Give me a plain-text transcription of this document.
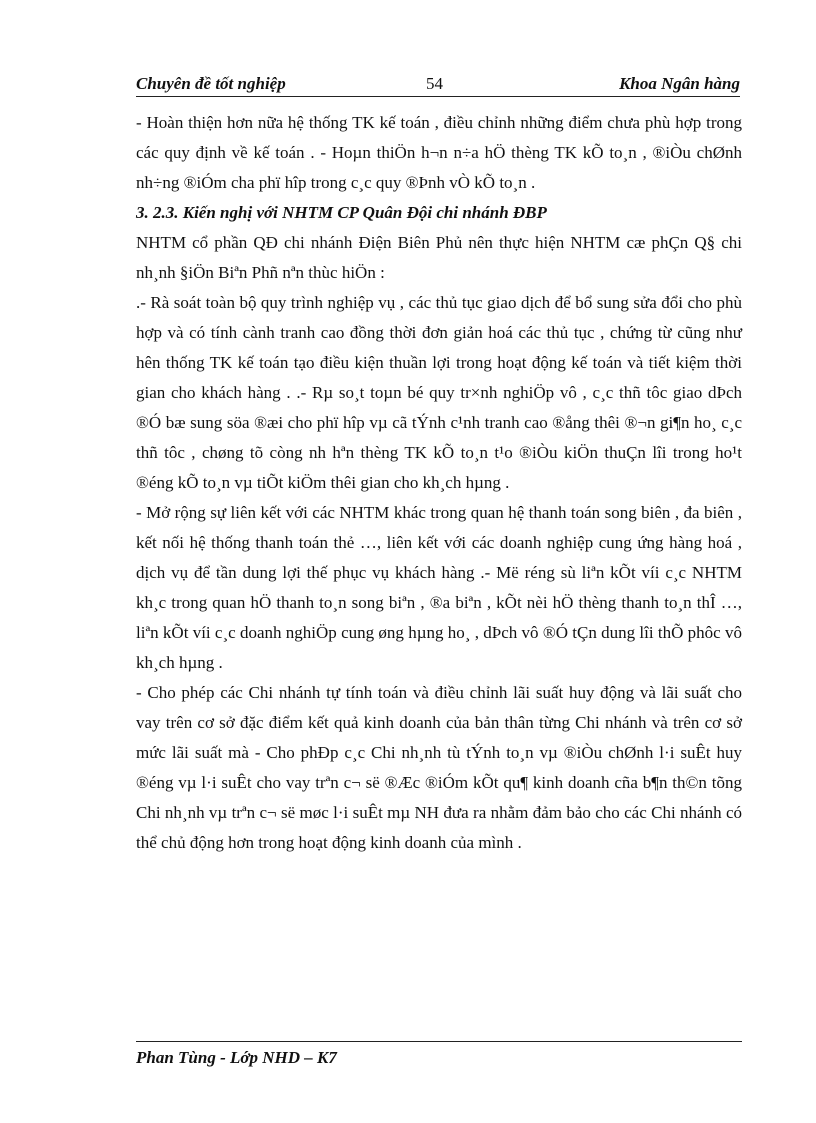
Chuyên đề tốt nghiệp	54	Khoa Ngân hàng

- Hoàn thiện hơn nữa hệ thống TK kế toán , điều chỉnh những điểm chưa phù hợp trong các quy định về kế toán . - Hoµn thiÖn h¬n n÷a hÖ thèng TK kÕ to¸n , ®iÒu chØnh nh÷ng ®iÓm cha phï hîp trong c¸c quy ®Þnh vÒ kÕ to¸n .

3. 2.3. Kiến nghị với NHTM CP Quân Đội chi nhánh ĐBP

NHTM cổ phần QĐ chi nhánh Điện Biên Phủ nên thực hiện NHTM cæ phÇn Q§ chi nh¸nh §iÖn Biªn Phñ nªn thùc hiÖn :

.- Rà soát toàn bộ quy trình nghiệp vụ , các thủ tục giao dịch để bổ sung sửa đổi cho phù hợp và có tính cành tranh cao đồng thời đơn giản hoá các thủ tục , chứng từ cũng như hên thống TK kế toán tạo điều kiện thuần lợi trong hoạt động kế toán và tiết kiệm thời gian cho khách hàng . .- Rµ so¸t toµn bé quy tr×nh nghiÖp vô , c¸c thñ tôc giao dÞch ®Ó bæ sung söa ®æi cho phï hîp vµ cã tÝnh c¹nh tranh cao ®ång thêi ®¬n gi¶n ho¸ c¸c thñ tôc , chøng tõ còng nh hªn thèng TK kÕ to¸n t¹o ®iÒu kiÖn thuÇn lîi trong ho¹t ®éng kÕ to¸n vµ tiÕt kiÖm thêi gian cho kh¸ch hµng .

- Mở rộng sự liên kết với các NHTM khác trong quan hệ thanh toán song biên , đa biên , kết nối hệ thống thanh toán thẻ …, liên kết với các doanh nghiệp cung ứng hàng hoá , dịch vụ để tần dung lợi thế phục vụ khách hàng .- Më réng sù liªn kÕt víi c¸c NHTM kh¸c trong quan hÖ thanh to¸n song biªn , ®a biªn , kÕt nèi hÖ thèng thanh to¸n thÎ …, liªn kÕt víi c¸c doanh nghiÖp cung øng hµng ho¸ , dÞch vô ®Ó tÇn dung lîi thÕ phôc vô kh¸ch hµng .

- Cho phép các Chi nhánh tự tính toán và điều chỉnh lãi suất huy động và lãi suất cho vay trên cơ sở đặc điểm kết quả kinh doanh của bản thân từng Chi nhánh và trên cơ sở mức lãi suất mà - Cho phÐp c¸c Chi nh¸nh tù tÝnh to¸n vµ ®iÒu chØnh l·i suÊt huy ®éng vµ l·i suÊt cho vay trªn c¬ së ®Æc ®iÓm kÕt qu¶ kinh doanh cña b¶n th©n tõng Chi nh¸nh vµ trªn c¬ së møc l·i suÊt mµ NH đưa ra nhằm đảm bảo cho các Chi nhánh có thể chủ động hơn trong hoạt động kinh doanh của mình .

Phan Tùng - Lớp NHD – K7
